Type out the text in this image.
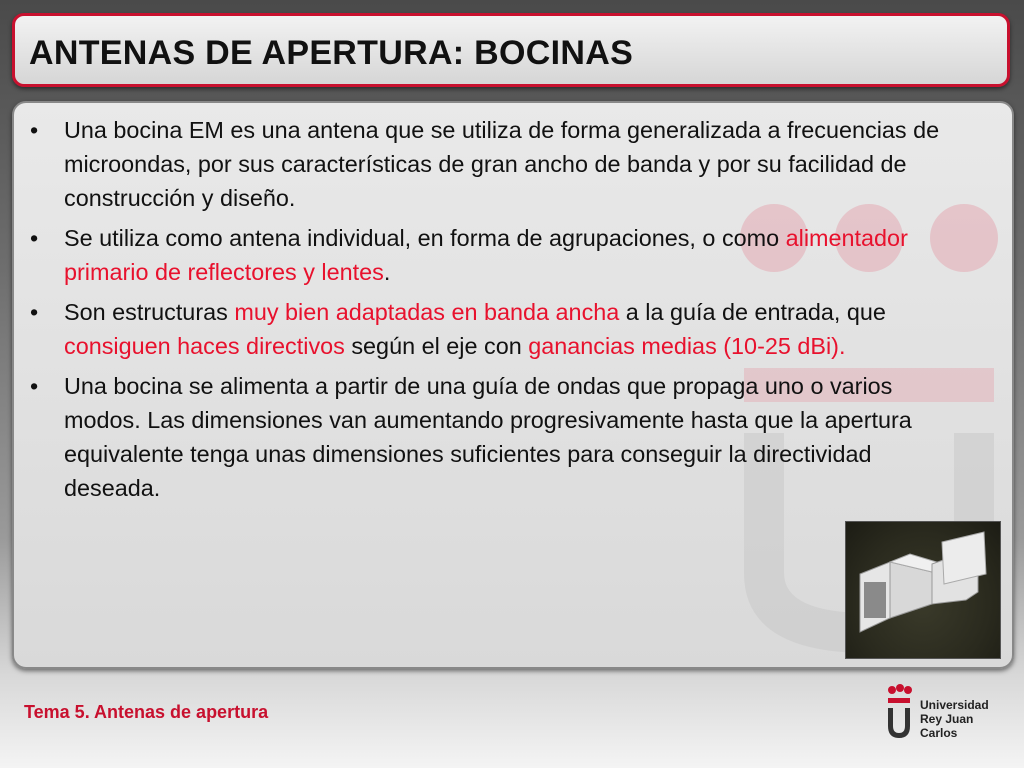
ANTENAS DE APERTURA: BOCINAS
• Una bocina EM es una antena que se utiliza de forma generalizada a frecuencias de microondas, por sus características de gran ancho de banda y por su facilidad de construcción y diseño.
• Se utiliza como antena individual, en forma de agrupaciones, o como alimentador primario de reflectores y lentes.
• Son estructuras muy bien adaptadas en banda ancha a la guía de entrada, que consiguen haces directivos según el eje con ganancias medias (10-25 dBi).
• Una bocina se alimenta a partir de una guía de ondas que propaga uno o varios modos. Las dimensiones van aumentando progresivamente hasta que la apertura equivalente tenga unas dimensiones suficientes para conseguir la directividad deseada.
Tema 5. Antenas de apertura	Universidad
Rey Juan Carlos
